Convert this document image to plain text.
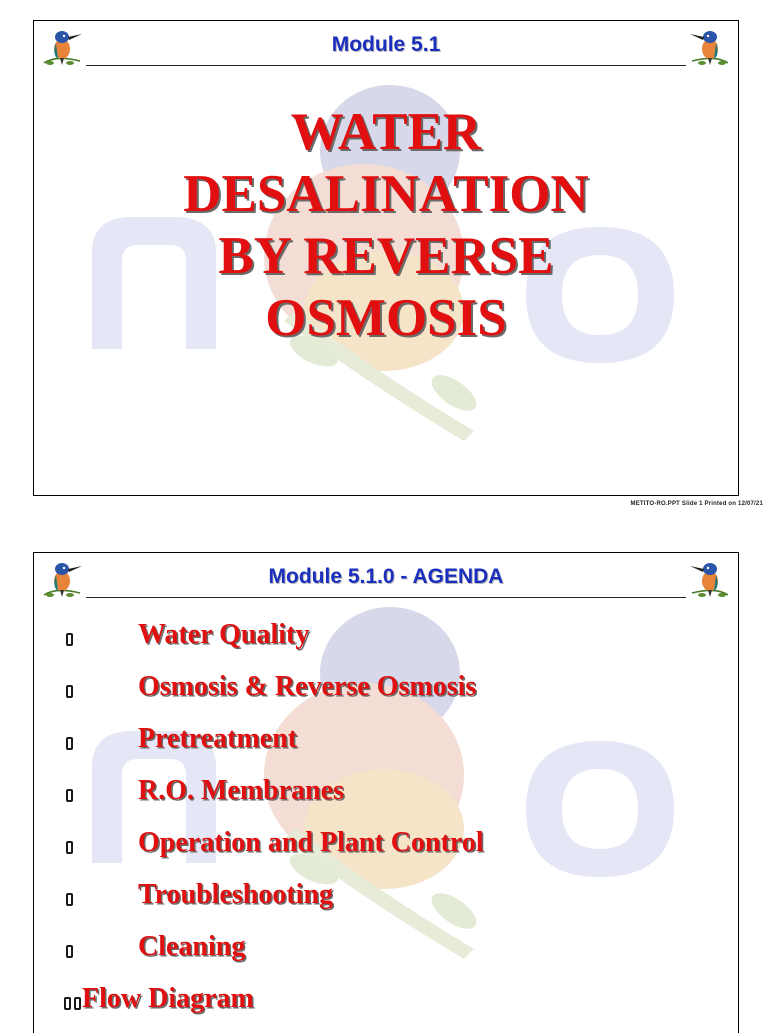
Module 5.1
WATER
DESALINATION
BY REVERSE
OSMOSIS
METITO-RO.PPT Slide 1 Printed on 12/07/21
Module 5.1.0 - AGENDA
Water Quality
Osmosis & Reverse Osmosis
Pretreatment
R.O. Membranes
Operation and Plant Control
Troubleshooting
Cleaning
Flow Diagram
